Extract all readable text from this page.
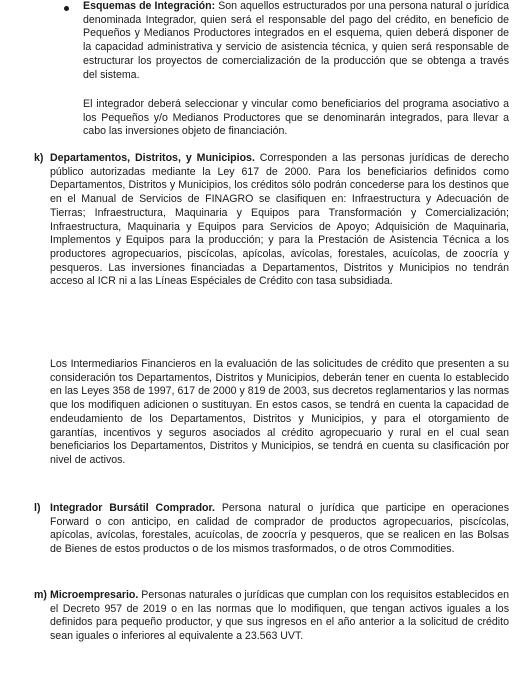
Esquemas de Integración: Son aquellos estructurados por una persona natural o jurídica denominada Integrador, quien será el responsable del pago del crédito, en beneficio de Pequeños y Medianos Productores integrados en el esquema, quien deberá disponer de la capacidad administrativa y servicio de asistencia técnica, y quien será responsable de estructurar los proyectos de comercialización de la producción que se obtenga a través del sistema.

El integrador deberá seleccionar y vincular como beneficiarios del programa asociativo a los Pequeños y/o Medianos Productores que se denominarán integrados, para llevar a cabo las inversiones objeto de financiación.

k) Departamentos, Distritos, y Municipios. Corresponden a las personas jurídicas de derecho público autorizadas mediante la Ley 617 de 2000. Para los beneficiarios definidos como Departamentos, Distritos y Municipios, los créditos sólo podrán concederse para los destinos que en el Manual de Servicios de FINAGRO se clasifiquen en: Infraestructura y Adecuación de Tierras; Infraestructura, Maquinaria y Equipos para Transformación y Comercialización; Infraestructura, Maquinaria y Equipos para Servicios de Apoyo; Adquisición de Maquinaria, Implementos y Equipos para la producción; y para la Prestación de Asistencia Técnica a los productores agropecuarios, piscícolas, apícolas, avícolas, forestales, acuícolas, de zoocría y pesqueros. Las inversiones financiadas a Departamentos, Distritos y Municipios no tendrán acceso al ICR ni a las Líneas Espéciales de Crédito con tasa subsidiada.

Los Intermediarios Financieros en la evaluación de las solicitudes de crédito que presenten a su consideración tos Departamentos, Distritos y Municipios, deberán tener en cuenta lo establecido en las Leyes 358 de 1997, 617 de 2000 y 819 de 2003, sus decretos reglamentarios y las normas que los modifiquen adicionen o sustituyan. En estos casos, se tendrá en cuenta la capacidad de endeudamiento de los Departamentos, Distritos y Municipios, y para el otorgamiento de garantías, incentivos y seguros asociados al crédito agropecuario y rural en el cual sean beneficiarios los Departamentos, Distritos y Municipios, se tendrá en cuenta su clasificación por nivel de activos.

l) Integrador Bursátil Comprador. Persona natural o jurídica que participe en operaciones Forward o con anticipo, en calidad de comprador de productos agropecuarios, piscícolas, apícolas, avícolas, forestales, acuícolas, de zoocría y pesqueros, que se realicen en las Bolsas de Bienes de estos productos o de los mismos trasformados, o de otros Commodities.

m) Microempresario. Personas naturales o jurídicas que cumplan con los requisitos establecidos en el Decreto 957 de 2019 o en las normas que lo modifiquen, que tengan activos iguales a los definidos para pequeño productor, y que sus ingresos en el año anterior a la solicitud de crédito sean iguales o inferiores al equivalente a 23.563 UVT.
